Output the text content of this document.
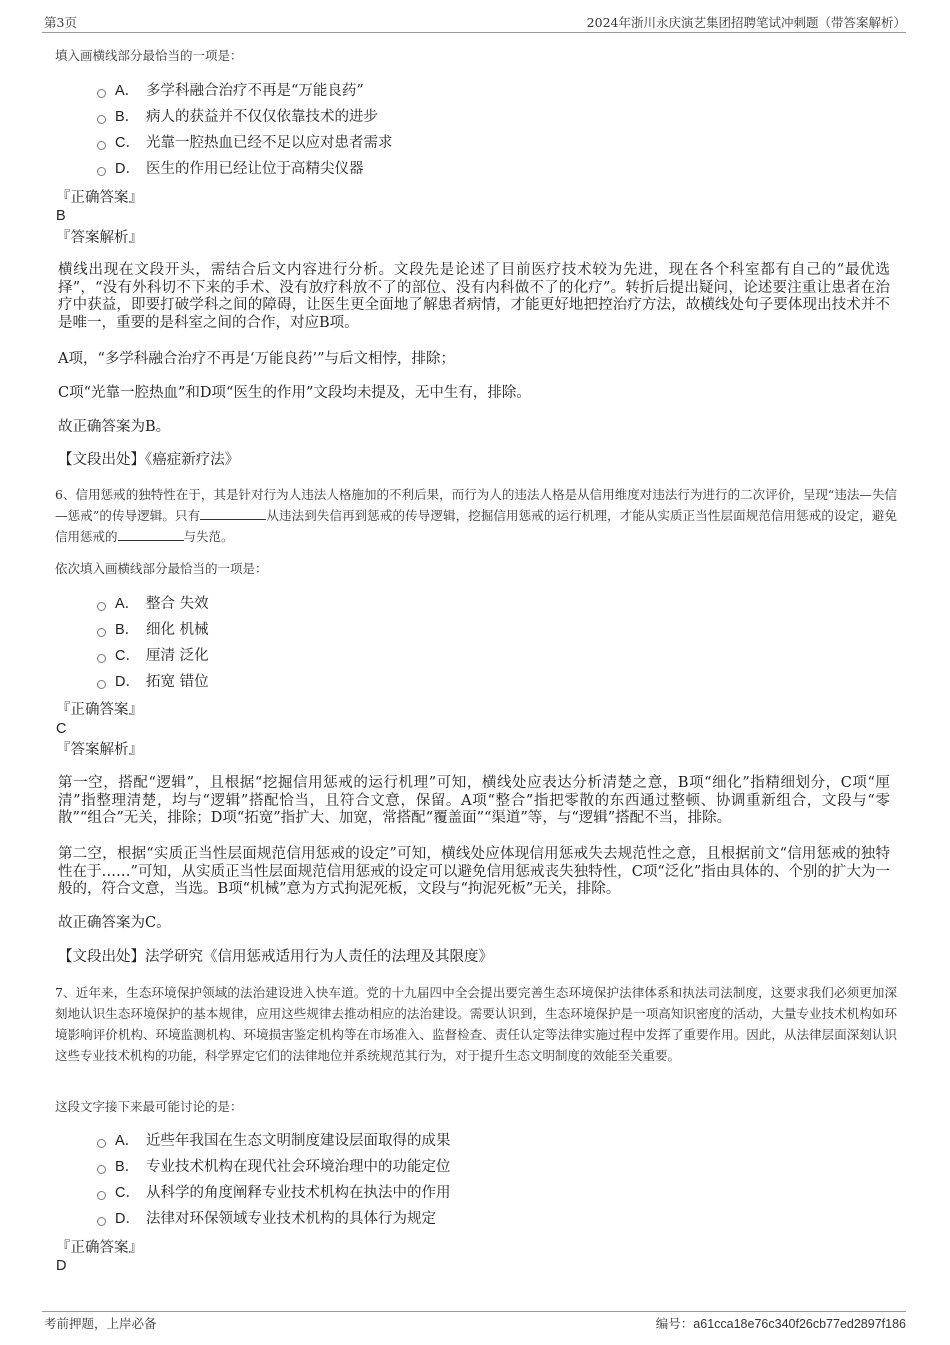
第3页	2024年浙川永庆演艺集团招聘笔试冲刺题（带答案解析）
填入画横线部分最恰当的一项是：
A． 多学科融合治疗不再是“万能良药”
B． 病人的获益并不仅仅依靠技术的进步
C． 光靠一腔热血已经不足以应对患者需求
D． 医生的作用已经让位于高精尖仪器
『正确答案』
B
『答案解析』
横线出现在文段开头，需结合后文内容进行分析。文段先是论述了目前医疗技术较为先进，现在各个科室都有自己的“最优选择”，“没有外科切不下来的手术、没有放疗科放不了的部位、没有内科做不了的化疗”。转折后提出疑问，论述要注重让患者在治疗中获益，即要打破学科之间的障碍，让医生更全面地了解患者病情，才能更好地把控治疗方法，故横线处句子要体现出技术并不是唯一，重要的是科室之间的合作，对应B项。
A项，“多学科融合治疗不再是‘万能良药’”与后文相悖，排除；
C项“光靠一腔热血”和D项“医生的作用”文段均未提及，无中生有，排除。
故正确答案为B。
【文段出处】《癌症新疗法》
6、信用惩戒的独特性在于，其是针对行为人违法人格施加的不利后果，而行为人的违法人格是从信用维度对违法行为进行的二次评价，呈现“违法—失信—惩戒”的传导逻辑。只有	从违法到失信再到惩戒的传导逻辑，挖掘信用惩戒的运行机理，才能从实质正当性层面规范信用惩戒的设定，避免信用惩戒的	与失范。
依次填入画横线部分最恰当的一项是：
A． 整合 失效
B． 细化 机械
C． 厘清 泛化
D． 拓宽 错位
『正确答案』
C
『答案解析』
第一空，搭配“逻辑”，且根据“挖掘信用惩戒的运行机理”可知，横线处应表达分析清楚之意，B项“细化”指精细划分，C项“厘清”指整理清楚，均与“逻辑”搭配恰当，且符合文意，保留。A项“整合”指把零散的东西通过整顿、协调重新组合，文段与“零散”“组合”无关，排除；D项“拓宽”指扩大、加宽，常搭配“覆盖面”“渠道”等，与“逻辑”搭配不当，排除。
第二空，根据“实质正当性层面规范信用惩戒的设定”可知，横线处应体现信用惩戒失去规范性之意，且根据前文“信用惩戒的独特性在于……”可知，从实质正当性层面规范信用惩戒的设定可以避免信用惩戒丧失独特性，C项“泛化”指由具体的、个别的扩大为一般的，符合文意，当选。B项“机械”意为方式拘泥死板，文段与“拘泥死板”无关，排除。
故正确答案为C。
【文段出处】法学研究《信用惩戒适用行为人责任的法理及其限度》
7、近年来，生态环境保护领域的法治建设进入快车道。党的十九届四中全会提出要完善生态环境保护法律体系和执法司法制度，这要求我们必须更加深刻地认识生态环境保护的基本规律，应用这些规律去推动相应的法治建设。需要认识到，生态环境保护是一项高知识密度的活动，大量专业技术机构如环境影响评价机构、环境监测机构、环境损害鉴定机构等在市场准入、监督检查、责任认定等法律实施过程中发挥了重要作用。因此，从法律层面深刻认识这些专业技术机构的功能，科学界定它们的法律地位并系统规范其行为，对于提升生态文明制度的效能至关重要。
这段文字接下来最可能讨论的是：
A． 近些年我国在生态文明制度建设层面取得的成果
B． 专业技术机构在现代社会环境治理中的功能定位
C． 从科学的角度阐释专业技术机构在执法中的作用
D． 法律对环保领域专业技术机构的具体行为规定
『正确答案』
D
考前押题，上岸必备	编号：a61cca18e76c340f26cb77ed2897f186
